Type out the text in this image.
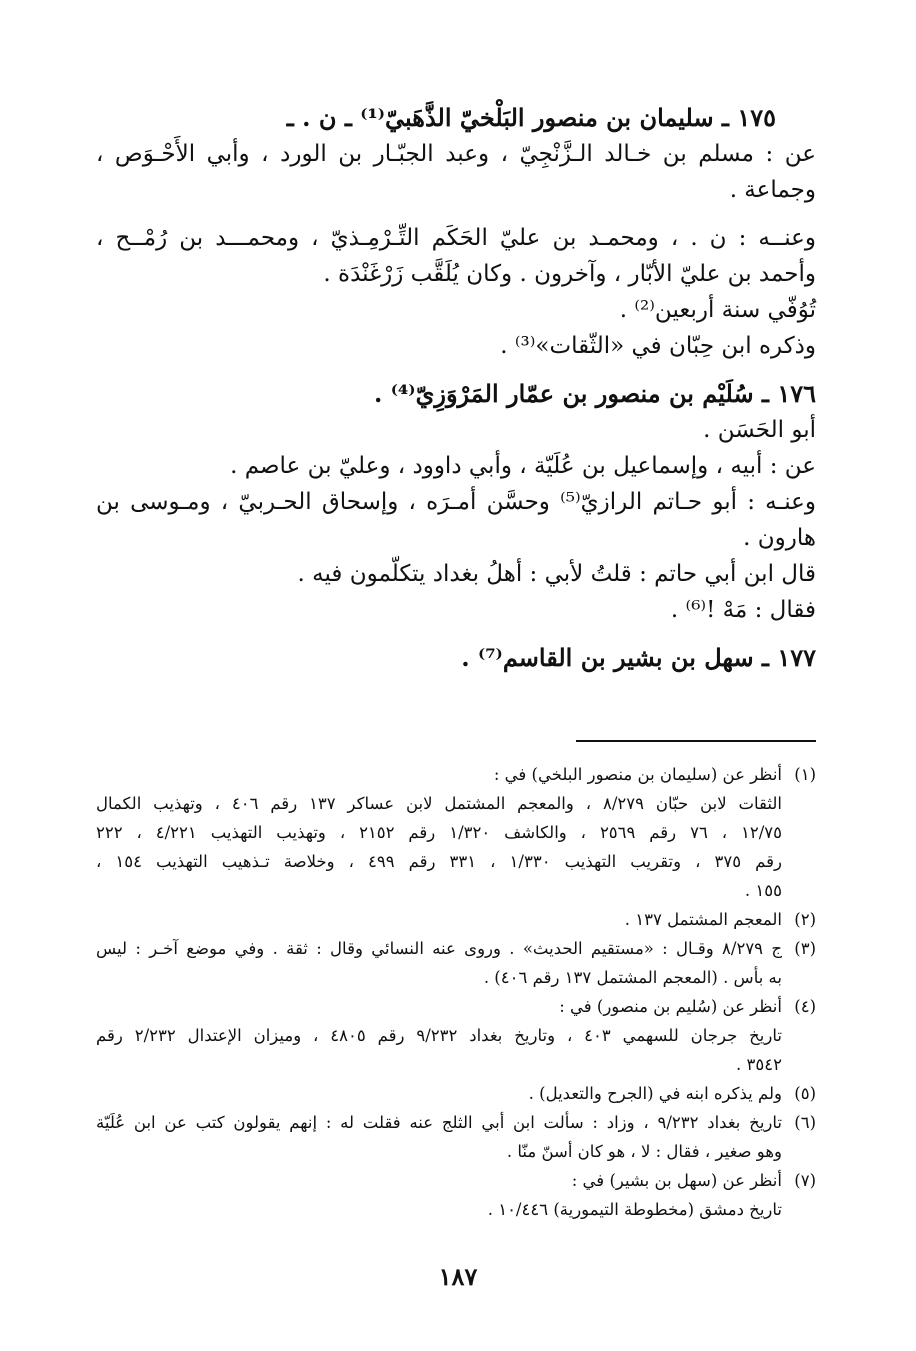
١٧٥ ـ سليمان بن منصور البَلْخيّ الذَّهَبيّ⁽¹⁾ ـ ن . ـ
عن : مسلم بن خـالد الـزَّنْجِيّ ، وعبد الجبّـار بن الورد ، وأبي الأَحْـوَص ،
وجماعة .
وعنــه : ن . ، ومحمـد بن عليّ الحَكَم التِّـرْمِـذيّ ، ومحمـــد بن رُمْــح ،
وأحمد بن عليّ الأبّار ، وآخرون . وكان يُلَقَّب زَرْغَنْدَة .
تُوُفّي سنة أربعين⁽²⁾ .
وذكره ابن حِبّان في «الثّقات»⁽³⁾ .
١٧٦ ـ سُلَيْم بن منصور بن عمّار المَرْوَزِيّ⁽⁴⁾ .
أبو الحَسَن .
عن : أبيه ، وإسماعيل بن عُلَيّة ، وأبي داوود ، وعليّ بن عاصم .
وعنـه : أبو حـاتم الرازيّ⁽⁵⁾ وحسَّن أمـرَه ، وإسحاق الحـربيّ ، ومـوسى بن
هارون .
قال ابن أبي حاتم : قلتُ لأبي : أهلُ بغداد يتكلّمون فيه .
فقال : مَهْ !⁽⁶⁾ .
١٧٧ ـ سهل بن بشير بن القاسم⁽⁷⁾ .
(١)
أنظر عن (سليمان بن منصور البلخي) في :
الثقات لابن حبّان ٨/٢٧٩ ، والمعجم المشتمل لابن عساكر ١٣٧ رقم ٤٠٦ ، وتهذيب الكمال
١٢/٧٥ ، ٧٦ رقم ٢٥٦٩ ، والكاشف ١/٣٢٠ رقم ٢١٥٢ ، وتهذيب التهذيب ٤/٢٢١ ، ٢٢٢
رقم ٣٧٥ ، وتقريب التهذيب ١/٣٣٠ ، ٣٣١ رقم ٤٩٩ ، وخلاصة تـذهيب التهذيب ١٥٤ ،
١٥٥ .
(٢)
المعجم المشتمل ١٣٧ .
(٣)
ج ٨/٢٧٩ وقـال : «مستقيم الحديث» . وروى عنه النسائي وقال : ثقة . وفي موضع آخـر : ليس
به بأس . (المعجم المشتمل ١٣٧ رقم ٤٠٦) .
(٤)
أنظر عن (سُليم بن منصور) في :
تاريخ جرجان للسهمي ٤٠٣ ، وتاريخ بغداد ٩/٢٣٢ رقم ٤٨٠٥ ، وميزان الإعتدال ٢/٢٣٢ رقم
٣٥٤٢ .
(٥)
ولم يذكره ابنه في (الجرح والتعديل) .
(٦)
تاريخ بغداد ٩/٢٣٢ ، وزاد : سألت ابن أبي الثلج عنه فقلت له : إنهم يقولون كتب عن ابن عُلَيّة
وهو صغير ، فقال : لا ، هو كان أسنّ منّا .
(٧)
أنظر عن (سهل بن بشير) في :
تاريخ دمشق (مخطوطة التيمورية) ١٠/٤٤٦ .
١٨٧
